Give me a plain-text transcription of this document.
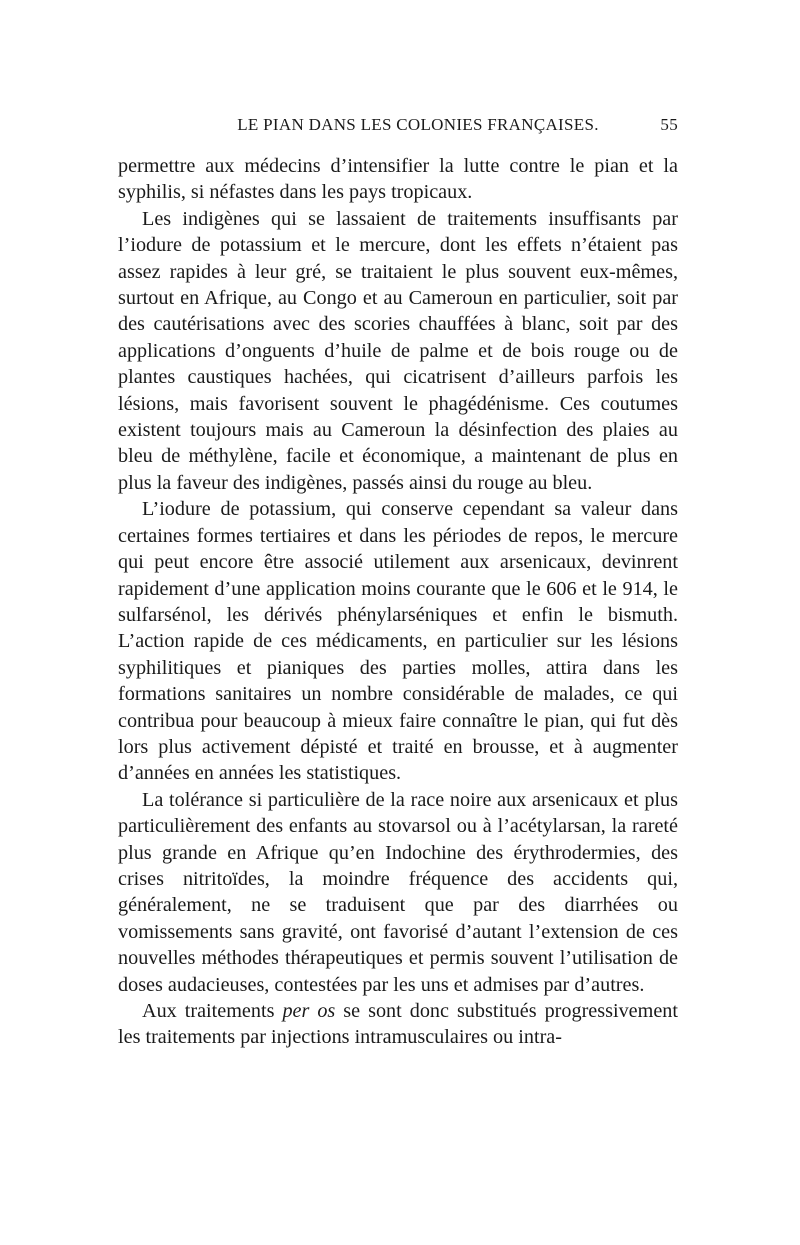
LE PIAN DANS LES COLONIES FRANÇAISES.	55

permettre aux médecins d’intensifier la lutte contre le pian et la syphilis, si néfastes dans les pays tropicaux.

Les indigènes qui se lassaient de traitements insuffisants par l’iodure de potassium et le mercure, dont les effets n’étaient pas assez rapides à leur gré, se traitaient le plus souvent eux-mêmes, surtout en Afrique, au Congo et au Cameroun en particulier, soit par des cautérisations avec des scories chauffées à blanc, soit par des applications d’onguents d’huile de palme et de bois rouge ou de plantes caustiques hachées, qui cicatrisent d’ailleurs parfois les lésions, mais favorisent souvent le phagédénisme. Ces coutumes existent toujours mais au Cameroun la désinfection des plaies au bleu de méthylène, facile et économique, a maintenant de plus en plus la faveur des indigènes, passés ainsi du rouge au bleu.

L’iodure de potassium, qui conserve cependant sa valeur dans certaines formes tertiaires et dans les périodes de repos, le mercure qui peut encore être associé utilement aux arsenicaux, devinrent rapidement d’une application moins courante que le 606 et le 914, le sulfarsénol, les dérivés phénylarséniques et enfin le bismuth. L’action rapide de ces médicaments, en particulier sur les lésions syphilitiques et pianiques des parties molles, attira dans les formations sanitaires un nombre considérable de malades, ce qui contribua pour beaucoup à mieux faire connaître le pian, qui fut dès lors plus activement dépisté et traité en brousse, et à augmenter d’années en années les statistiques.

La tolérance si particulière de la race noire aux arsenicaux et plus particulièrement des enfants au stovarsol ou à l’acétylarsan, la rareté plus grande en Afrique qu’en Indochine des érythrodermies, des crises nitritoïdes, la moindre fréquence des accidents qui, généralement, ne se traduisent que par des diarrhées ou vomissements sans gravité, ont favorisé d’autant l’extension de ces nouvelles méthodes thérapeutiques et permis souvent l’utilisation de doses audacieuses, contestées par les uns et admises par d’autres.

Aux traitements per os se sont donc substitués progressivement les traitements par injections intramusculaires ou intra-
